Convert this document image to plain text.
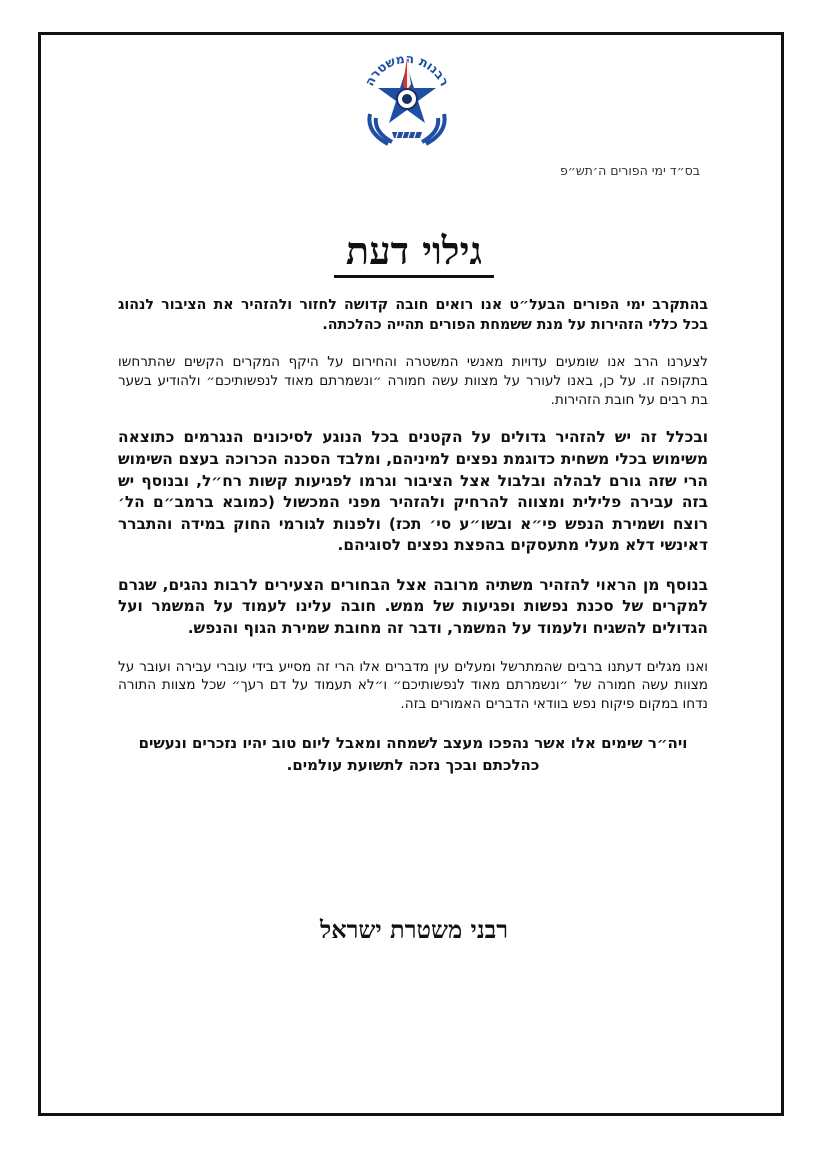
רבנות המשטרה
בס״ד ימי הפורים ה׳תש״פ
גילוי דעת

בהתקרב ימי הפורים הבעל״ט אנו רואים חובה קדושה לחזור ולהזהיר את הציבור לנהוג בכל כללי הזהירות על מנת ששמחת הפורים תהייה כהלכתה.

לצערנו הרב אנו שומעים עדויות מאנשי המשטרה והחירום על היקף המקרים הקשים שהתרחשו בתקופה זו. על כן, באנו לעורר על מצוות עשה חמורה ״ונשמרתם מאוד לנפשותיכם״ ולהודיע בשער בת רבים על חובת הזהירות.

ובכלל זה יש להזהיר גדולים על הקטנים בכל הנוגע לסיכונים הנגרמים כתוצאה משימוש בכלי משחית כדוגמת נפצים למיניהם, ומלבד הסכנה הכרוכה בעצם השימוש הרי שזה גורם לבהלה ובלבול אצל הציבור וגרמו לפגיעות קשות רח״ל, ובנוסף יש בזה עבירה פלילית ומצווה להרחיק ולהזהיר מפני המכשול (כמובא ברמב״ם הל׳ רוצח ושמירת הנפש פי״א ובשו״ע סי׳ תכז) ולפנות לגורמי החוק במידה והתברר דאינשי דלא מעלי מתעסקים בהפצת נפצים לסוגיהם.

בנוסף מן הראוי להזהיר משתיה מרובה אצל הבחורים הצעירים לרבות נהגים, שגרם למקרים של סכנת נפשות ופגיעות של ממש. חובה עלינו לעמוד על המשמר ועל הגדולים להשגיח ולעמוד על המשמר, ודבר זה מחובת שמירת הגוף והנפש.

ואנו מגלים דעתנו ברבים שהמתרשל ומעלים עין מדברים אלו הרי זה מסייע בידי עוברי עבירה ועובר על מצוות עשה חמורה של ״ונשמרתם מאוד לנפשותיכם״ ו״לא תעמוד על דם רעך״ שכל מצוות התורה נדחו במקום פיקוח נפש בוודאי הדברים האמורים בזה.

ויה״ר שימים אלו אשר נהפכו מעצב לשמחה ומאבל ליום טוב יהיו נזכרים ונעשים כהלכתם ובכך נזכה לתשועת עולמים.

רבני משטרת ישראל
